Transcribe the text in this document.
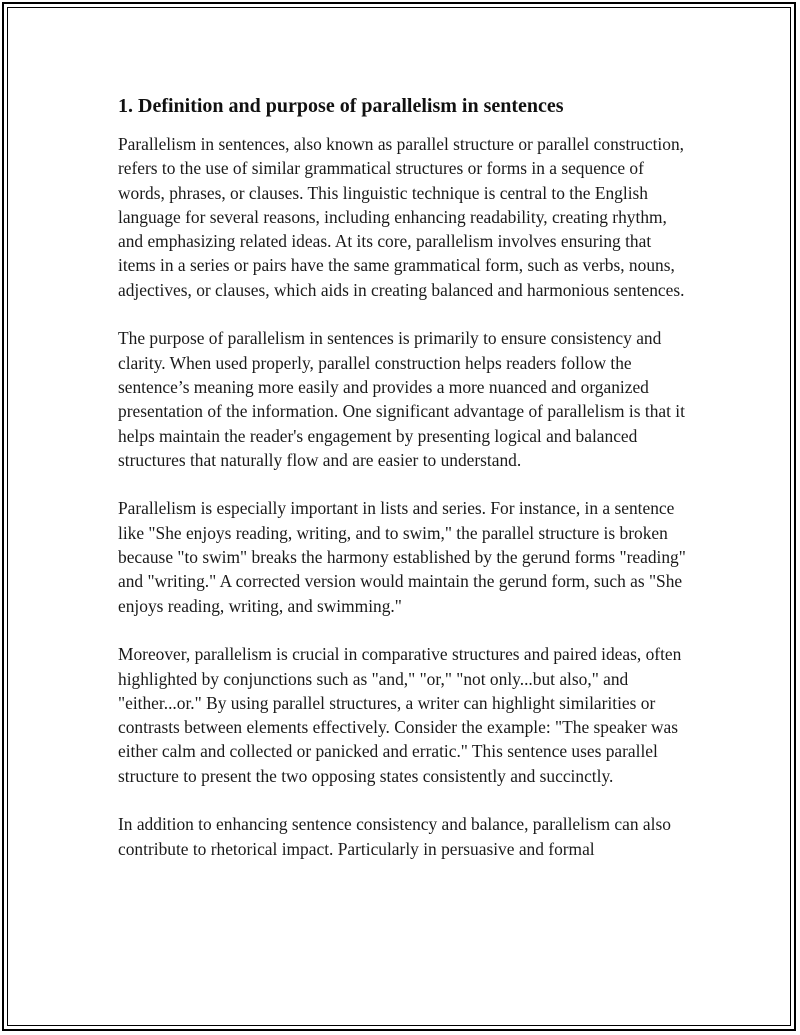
1. Definition and purpose of parallelism in sentences

Parallelism in sentences, also known as parallel structure or parallel construction, refers to the use of similar grammatical structures or forms in a sequence of words, phrases, or clauses. This linguistic technique is central to the English language for several reasons, including enhancing readability, creating rhythm, and emphasizing related ideas. At its core, parallelism involves ensuring that items in a series or pairs have the same grammatical form, such as verbs, nouns, adjectives, or clauses, which aids in creating balanced and harmonious sentences.

The purpose of parallelism in sentences is primarily to ensure consistency and clarity. When used properly, parallel construction helps readers follow the sentence’s meaning more easily and provides a more nuanced and organized presentation of the information. One significant advantage of parallelism is that it helps maintain the reader's engagement by presenting logical and balanced structures that naturally flow and are easier to understand.

Parallelism is especially important in lists and series. For instance, in a sentence like "She enjoys reading, writing, and to swim," the parallel structure is broken because "to swim" breaks the harmony established by the gerund forms "reading" and "writing." A corrected version would maintain the gerund form, such as "She enjoys reading, writing, and swimming."

Moreover, parallelism is crucial in comparative structures and paired ideas, often highlighted by conjunctions such as "and," "or," "not only...but also," and "either...or." By using parallel structures, a writer can highlight similarities or contrasts between elements effectively. Consider the example: "The speaker was either calm and collected or panicked and erratic." This sentence uses parallel structure to present the two opposing states consistently and succinctly.

In addition to enhancing sentence consistency and balance, parallelism can also contribute to rhetorical impact. Particularly in persuasive and formal
